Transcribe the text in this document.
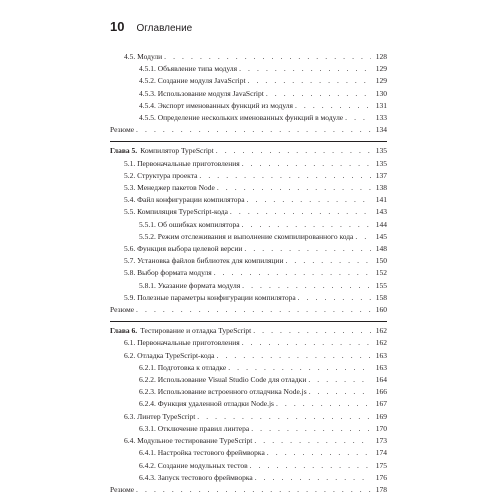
10 Оглавление
4.5. Модули . . .	128
4.5.1. Объявление типа модуля . . .	129
4.5.2. Создание модуля JavaScript . . .	129
4.5.3. Использование модуля JavaScript . . .	130
4.5.4. Экспорт именованных функций из модуля . . .	131
4.5.5. Определение нескольких именованных функций в модуле . . .	133
Резюме . . .	134
Глава 5. Компилятор TypeScript . . .	135
5.1. Первоначальные приготовления . . .	135
5.2. Структура проекта . . .	137
5.3. Менеджер пакетов Node . . .	138
5.4. Файл конфигурации компилятора . . .	141
5.5. Компиляция TypeScript-кода . . .	143
5.5.1. Об ошибках компилятора . . .	144
5.5.2. Режим отслеживания и выполнение скомпилированного кода . . .	145
5.6. Функция выбора целевой версии . . .	148
5.7. Установка файлов библиотек для компиляции . . .	150
5.8. Выбор формата модуля . . .	152
5.8.1. Указание формата модуля . . .	155
5.9. Полезные параметры конфигурации компилятора . . .	158
Резюме . . .	160
Глава 6. Тестирование и отладка TypeScript . . .	162
6.1. Первоначальные приготовления . . .	162
6.2. Отладка TypeScript-кода . . .	163
6.2.1. Подготовка к отладке . . .	163
6.2.2. Использование Visual Studio Code для отладки . . .	164
6.2.3. Использование встроенного отладчика Node.js . . .	166
6.2.4. Функция удаленной отладки Node.js . . .	167
6.3. Линтер TypeScript . . .	169
6.3.1. Отключение правил линтера . . .	170
6.4. Модульное тестирование TypeScript . . .	173
6.4.1. Настройка тестового фреймворка . . .	174
6.4.2. Создание модульных тестов . . .	175
6.4.3. Запуск тестового фреймворка . . .	176
Резюме . . .	178
